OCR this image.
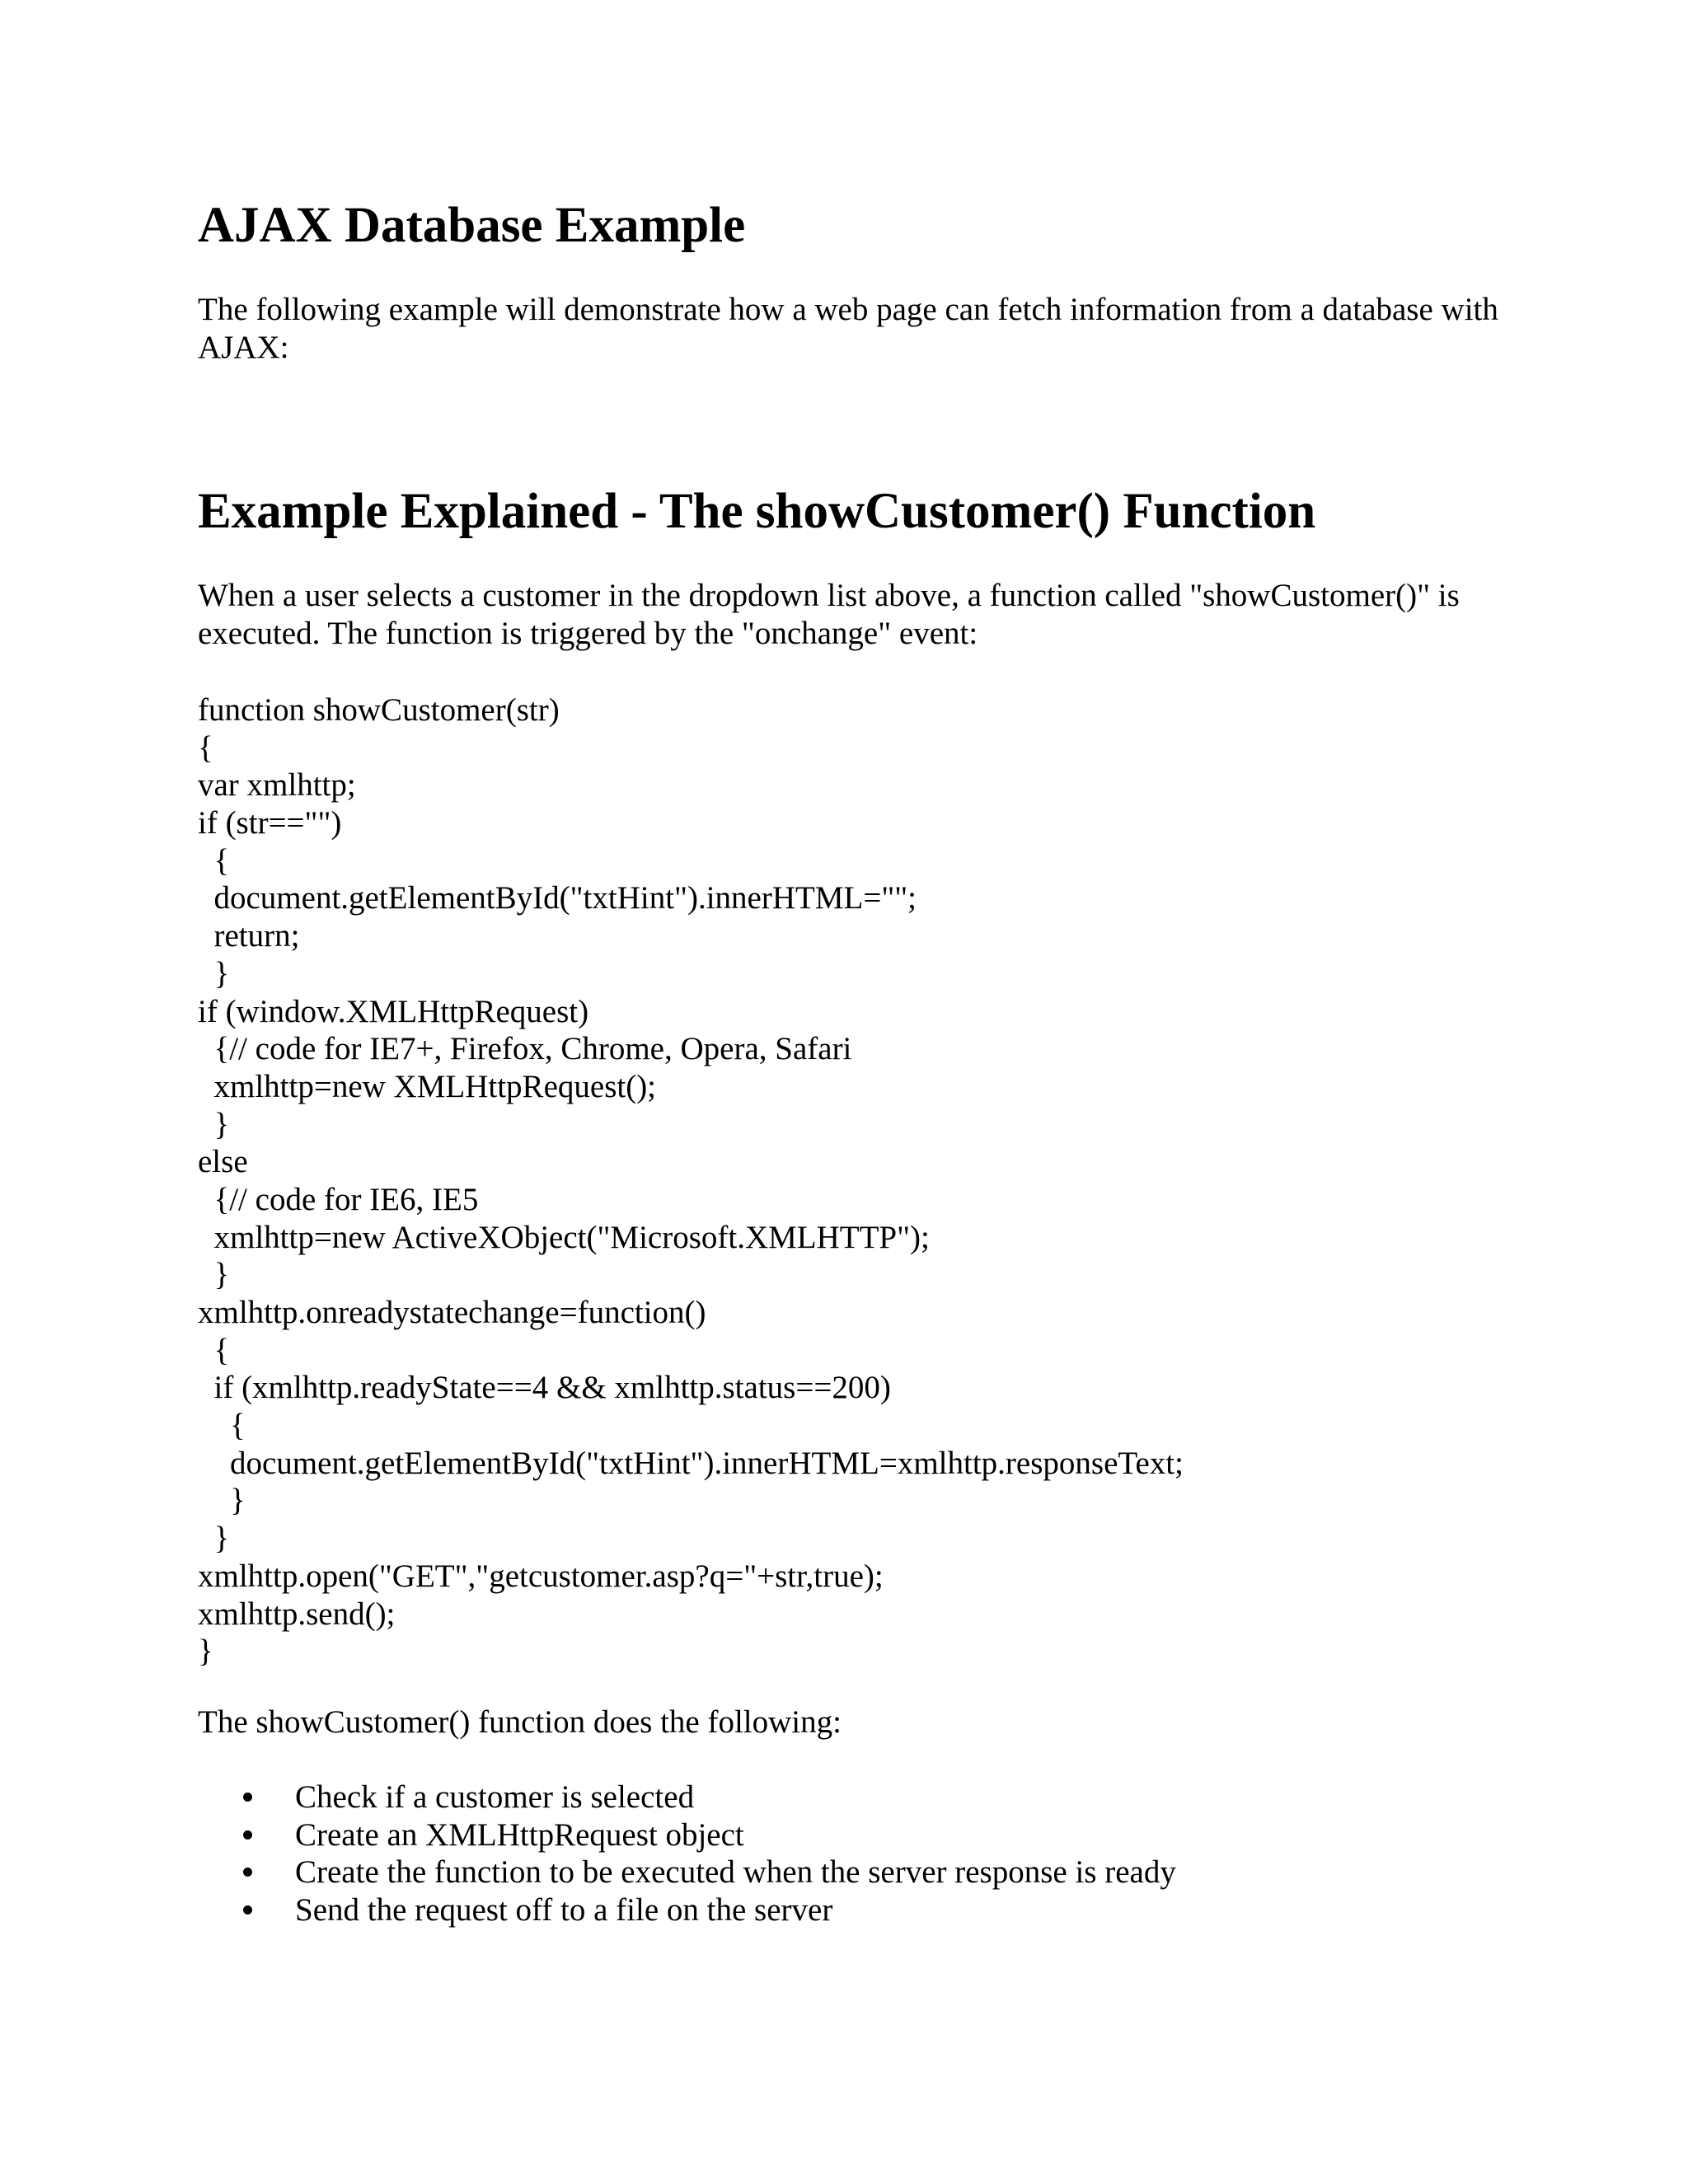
AJAX Database Example

The following example will demonstrate how a web page can fetch information from a database with AJAX:

Example Explained - The showCustomer() Function

When a user selects a customer in the dropdown list above, a function called "showCustomer()" is executed. The function is triggered by the "onchange" event:

function showCustomer(str)
{
var xmlhttp;
if (str=="")
{
document.getElementById("txtHint").innerHTML="";
return;
}
if (window.XMLHttpRequest)
{// code for IE7+, Firefox, Chrome, Opera, Safari
xmlhttp=new XMLHttpRequest();
}
else
{// code for IE6, IE5
xmlhttp=new ActiveXObject("Microsoft.XMLHTTP");
}
xmlhttp.onreadystatechange=function()
{
if (xmlhttp.readyState==4 && xmlhttp.status==200)
{
document.getElementById("txtHint").innerHTML=xmlhttp.responseText;
}
}
xmlhttp.open("GET","getcustomer.asp?q="+str,true);
xmlhttp.send();
}

The showCustomer() function does the following:

Check if a customer is selected
Create an XMLHttpRequest object
Create the function to be executed when the server response is ready
Send the request off to a file on the server
